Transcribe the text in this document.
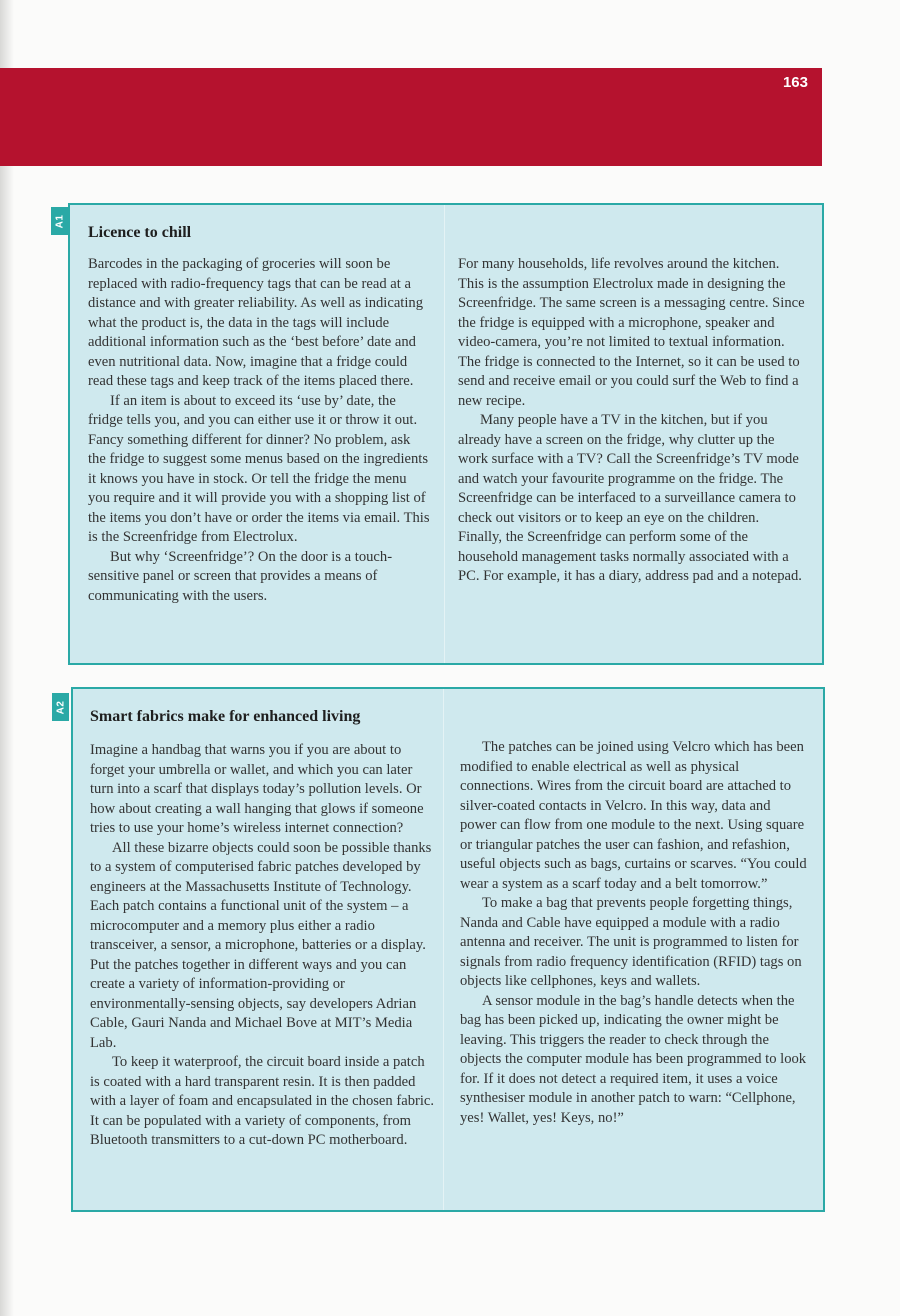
163
A1
Licence to chill

Barcodes in the packaging of groceries will soon be replaced with radio-frequency tags that can be read at a distance and with greater reliability. As well as indicating what the product is, the data in the tags will include additional information such as the ‘best before’ date and even nutritional data. Now, imagine that a fridge could read these tags and keep track of the items placed there.

If an item is about to exceed its ‘use by’ date, the fridge tells you, and you can either use it or throw it out. Fancy something different for dinner? No problem, ask the fridge to suggest some menus based on the ingredients it knows you have in stock. Or tell the fridge the menu you require and it will provide you with a shopping list of the items you don’t have or order the items via email. This is the Screenfridge from Electrolux.

But why ‘Screenfridge’? On the door is a touch-sensitive panel or screen that provides a means of communicating with the users.

For many households, life revolves around the kitchen. This is the assumption Electrolux made in designing the Screenfridge. The same screen is a messaging centre. Since the fridge is equipped with a microphone, speaker and video-camera, you’re not limited to textual information. The fridge is connected to the Internet, so it can be used to send and receive email or you could surf the Web to find a new recipe.

Many people have a TV in the kitchen, but if you already have a screen on the fridge, why clutter up the work surface with a TV? Call the Screenfridge’s TV mode and watch your favourite programme on the fridge. The Screenfridge can be interfaced to a surveillance camera to check out visitors or to keep an eye on the children.

Finally, the Screenfridge can perform some of the household management tasks normally associated with a PC. For example, it has a diary, address pad and a notepad.

A2
Smart fabrics make for enhanced living

Imagine a handbag that warns you if you are about to forget your umbrella or wallet, and which you can later turn into a scarf that displays today’s pollution levels. Or how about creating a wall hanging that glows if someone tries to use your home’s wireless internet connection?

All these bizarre objects could soon be possible thanks to a system of computerised fabric patches developed by engineers at the Massachusetts Institute of Technology. Each patch contains a functional unit of the system – a microcomputer and a memory plus either a radio transceiver, a sensor, a microphone, batteries or a display. Put the patches together in different ways and you can create a variety of information-providing or environmentally-sensing objects, say developers Adrian Cable, Gauri Nanda and Michael Bove at MIT’s Media Lab.

To keep it waterproof, the circuit board inside a patch is coated with a hard transparent resin. It is then padded with a layer of foam and encapsulated in the chosen fabric. It can be populated with a variety of components, from Bluetooth transmitters to a cut-down PC motherboard.

The patches can be joined using Velcro which has been modified to enable electrical as well as physical connections. Wires from the circuit board are attached to silver-coated contacts in Velcro. In this way, data and power can flow from one module to the next. Using square or triangular patches the user can fashion, and refashion, useful objects such as bags, curtains or scarves. “You could wear a system as a scarf today and a belt tomorrow.”

To make a bag that prevents people forgetting things, Nanda and Cable have equipped a module with a radio antenna and receiver. The unit is programmed to listen for signals from radio frequency identification (RFID) tags on objects like cellphones, keys and wallets.

A sensor module in the bag’s handle detects when the bag has been picked up, indicating the owner might be leaving. This triggers the reader to check through the objects the computer module has been programmed to look for. If it does not detect a required item, it uses a voice synthesiser module in another patch to warn: “Cellphone, yes! Wallet, yes! Keys, no!”
